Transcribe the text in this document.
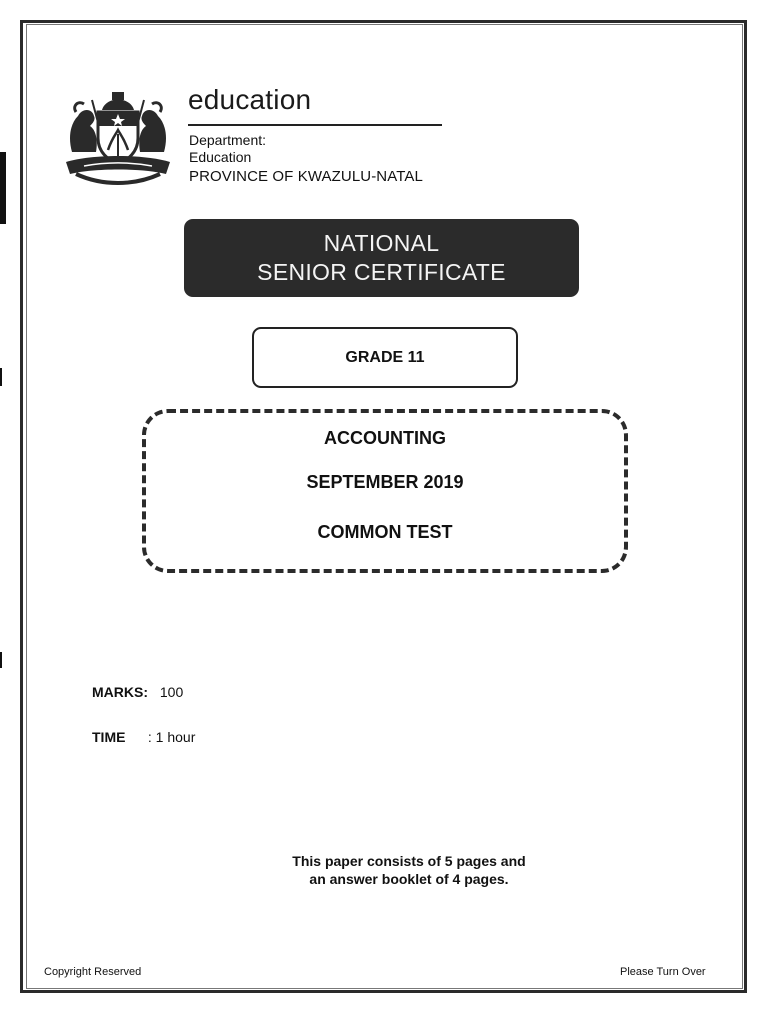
education
Department:
Education
PROVINCE OF KWAZULU-NATAL
NATIONAL
SENIOR CERTIFICATE
GRADE 11
ACCOUNTING
SEPTEMBER 2019
COMMON TEST
MARKS: 100
TIME : 1 hour
This paper consists of 5 pages and
an answer booklet of 4 pages.
Copyright Reserved	Please Turn Over
